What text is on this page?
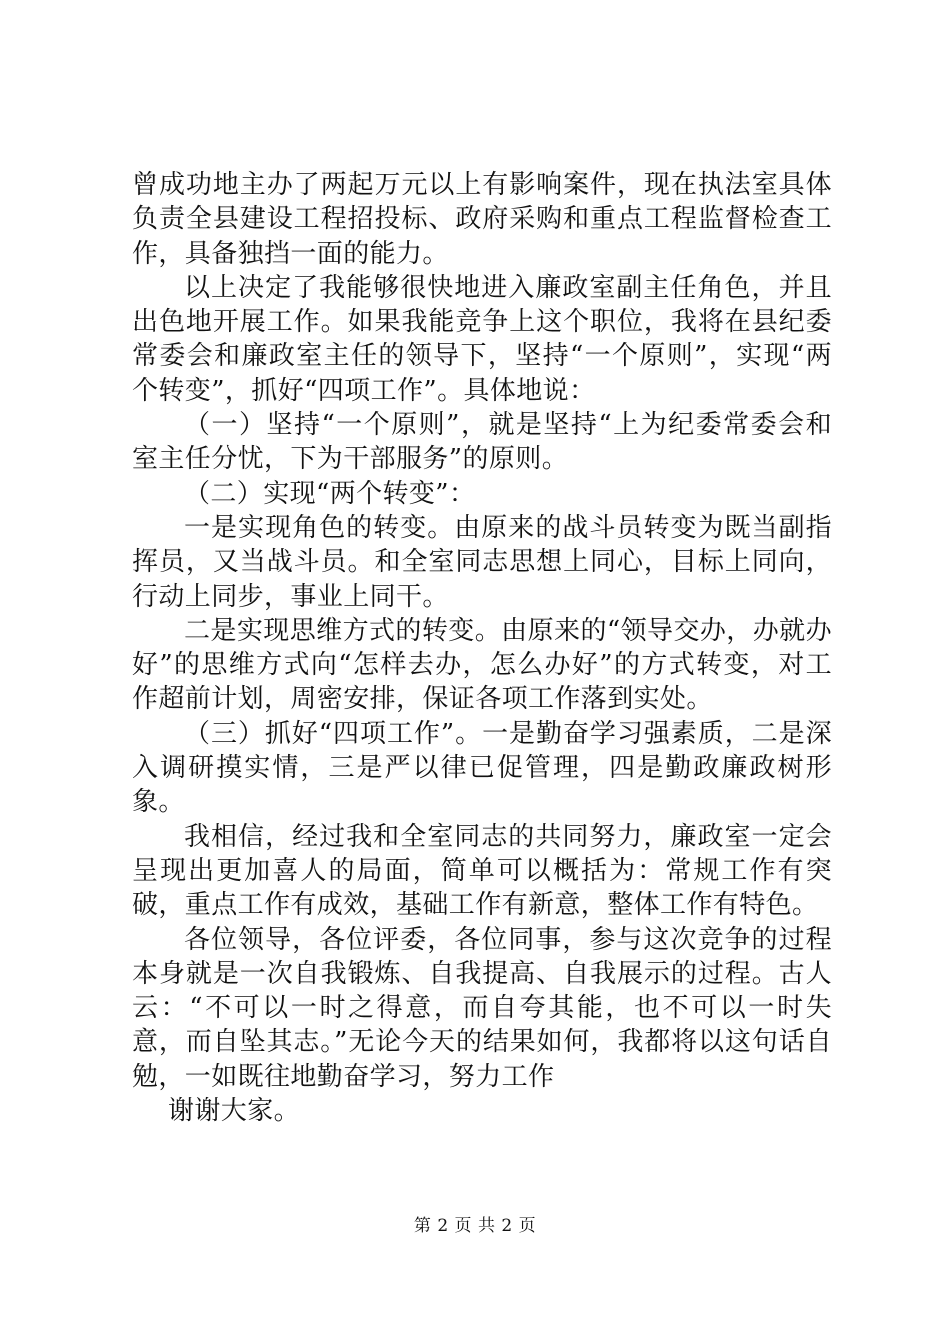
曾成功地主办了两起万元以上有影响案件，现在执法室具体负责全县建设工程招投标、政府采购和重点工程监督检查工作，具备独挡一面的能力。

以上决定了我能够很快地进入廉政室副主任角色，并且出色地开展工作。如果我能竞争上这个职位，我将在县纪委常委会和廉政室主任的领导下，坚持“一个原则”，实现“两个转变”，抓好“四项工作”。具体地说：

（一）坚持“一个原则”，就是坚持“上为纪委常委会和室主任分忧，下为干部服务”的原则。

（二）实现“两个转变”：

一是实现角色的转变。由原来的战斗员转变为既当副指挥员，又当战斗员。和全室同志思想上同心，目标上同向，行动上同步，事业上同干。

二是实现思维方式的转变。由原来的“领导交办，办就办好”的思维方式向“怎样去办，怎么办好”的方式转变，对工作超前计划，周密安排，保证各项工作落到实处。

（三）抓好“四项工作”。一是勤奋学习强素质，二是深入调研摸实情，三是严以律已促管理，四是勤政廉政树形象。

我相信，经过我和全室同志的共同努力，廉政室一定会呈现出更加喜人的局面，简单可以概括为：常规工作有突破，重点工作有成效，基础工作有新意，整体工作有特色。

各位领导，各位评委，各位同事，参与这次竞争的过程本身就是一次自我锻炼、自我提高、自我展示的过程。古人云：“不可以一时之得意，而自夸其能，也不可以一时失意，而自坠其志。”无论今天的结果如何，我都将以这句话自勉，一如既往地勤奋学习，努力工作

谢谢大家。

第 2 页 共 2 页
